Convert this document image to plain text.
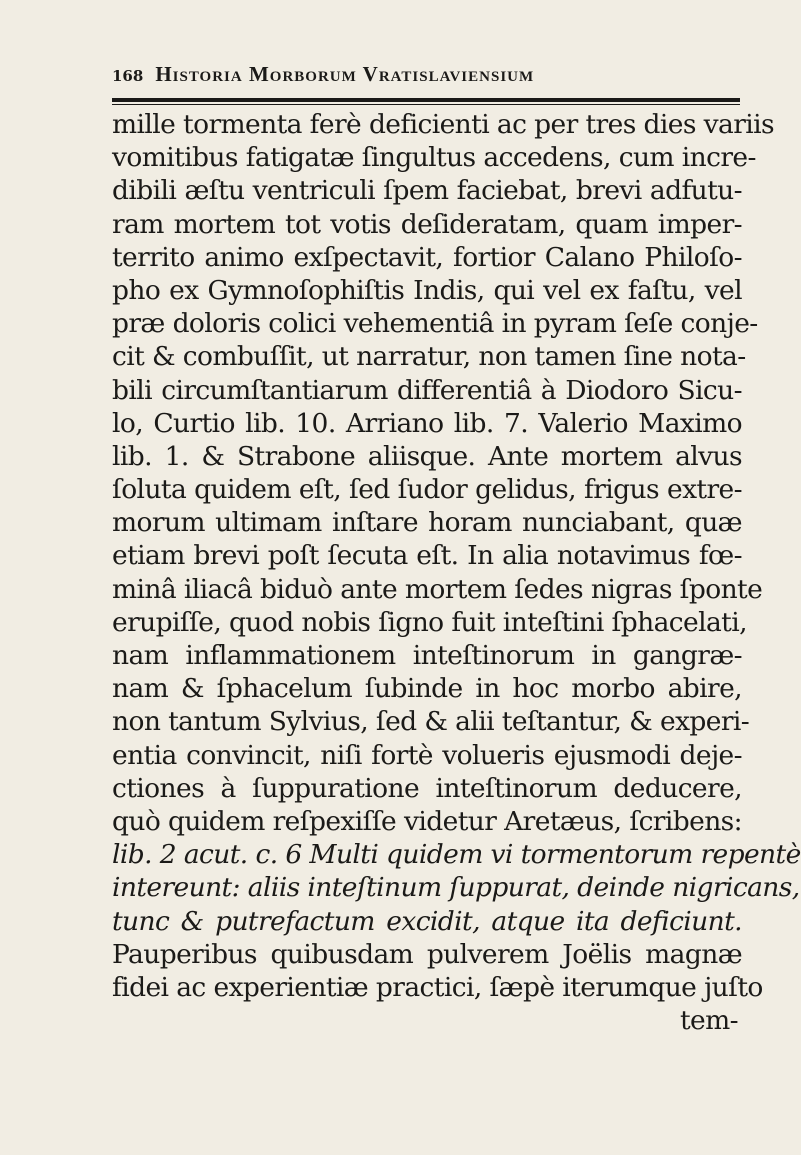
168 Historia Morborum Vratislaviensium
mille tormenta ferè deficienti ac per tres dies variis
vomitibus fatigatæ ſingultus accedens, cum incre-
dibili æſtu ventriculi ſpem faciebat, brevi adfutu-
ram mortem tot votis deſideratam, quam imper-
territo animo exſpectavit, fortior Calano Philoſo-
pho ex Gymnoſophiſtis Indis, qui vel ex faſtu, vel
præ doloris colici vehementiâ in pyram ſeſe conje-
cit & combuſſit, ut narratur, non tamen ſine nota-
bili circumſtantiarum differentiâ à Diodoro Sicu-
lo, Curtio lib. 10. Arriano lib. 7. Valerio Maximo
lib. 1. & Strabone aliisque. Ante mortem alvus
ſoluta quidem eſt, ſed ſudor gelidus, frigus extre-
morum ultimam inſtare horam nunciabant, quæ
etiam brevi poſt ſecuta eſt. In alia notavimus fœ-
minâ iliacâ biduò ante mortem ſedes nigras ſponte
erupiſſe, quod nobis ſigno fuit inteſtini ſphacelati,
nam inflammationem inteſtinorum in gangræ-
nam & ſphacelum ſubinde in hoc morbo abire,
non tantum Sylvius, ſed & alii teſtantur, & experi-
entia convincit, niſi fortè volueris ejusmodi deje-
ctiones à ſuppuratione inteſtinorum deducere,
quò quidem reſpexiſſe videtur Aretæus, ſcribens:
lib. 2 acut. c. 6 Multi quidem vi tormentorum repentè
intereunt: aliis inteſtinum ſuppurat, deinde nigricans,
tunc & putrefactum excidit, atque ita deficiunt.
Pauperibus quibusdam pulverem Joëlis magnæ
fidei ac experientiæ practici, ſæpè iterumque juſto
tem-
